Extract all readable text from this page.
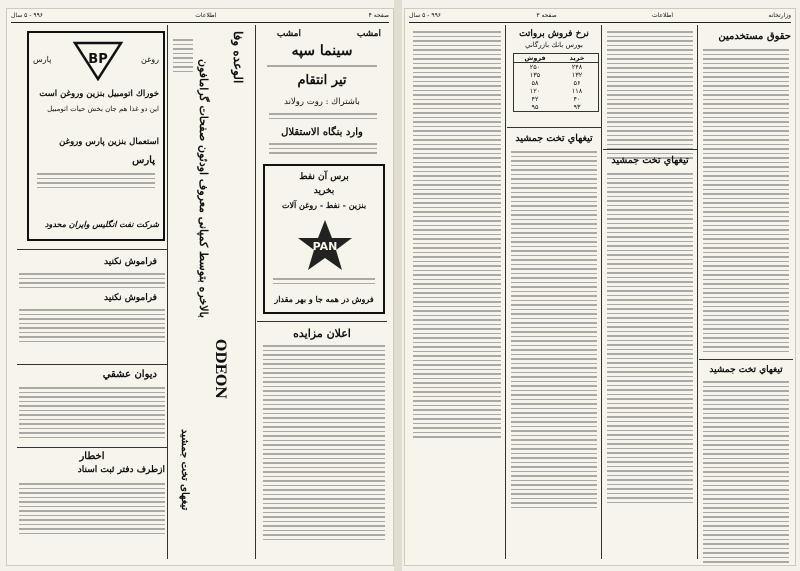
صفحه ۴
اطلاعات
۹۹۶ - ۵ سال
پارس	روغن
BP
خوراك اتومبيل بنزين وروغن است
اين دو غذا هم جان بخش حيات اتومبيل
استعمال بنزين پارس وروغن
پارس
شركت نفت انگليس وايران محدود
فراموش نكنيد
فراموش نكنيد
ديوان عشقي
اخطار
ازطرف دفتر ثبت اسناد
الوعده وفا
بالاخره بتوسط کمپانی معروف اودئون صفحات گرامافون
ODEON
تیغهای تخت جمشید
امشب	امشب
سينما سپه
تير انتقام
باشتراك : روت رولاند
وارد بنگاه الاستقلال
برس آن نفط
بخريد
بنزين - نفط - روغن آلات
PAN
فروش در همه جا و بهر مقدار
اعلان مزايده
وزارتخانه
اطلاعات
صفحه ۳
۹۹۶ - ۵ سال
حقوق مستخدمين
تيغهاي تخت جمشيد
تيغهاي تخت جمشيد
نرخ فروش برواتت
بورس بانك بازرگاني
فروش	خريد
۲۵۰	۲۴۸
۱۳۵	۱۳۲
۵۸	۵۶
۱۲۰	۱۱۸
۴۲	۴۰
۹۵	۹۳
تيغهاي تخت جمشيد
